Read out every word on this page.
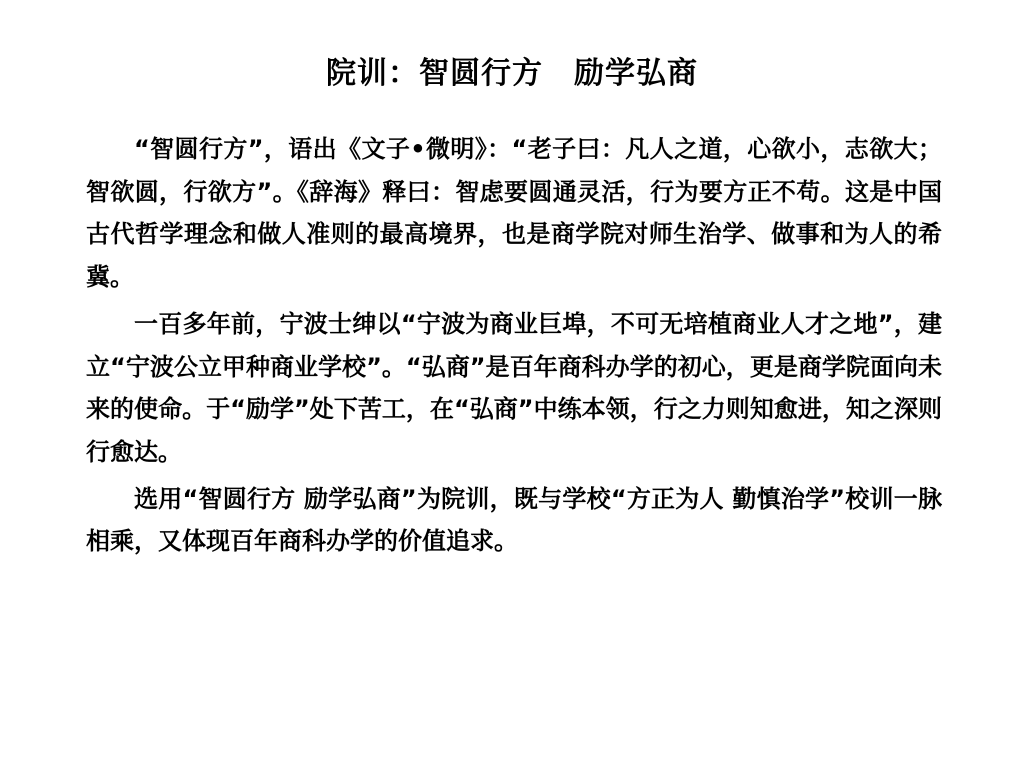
院训：智圆行方　励学弘商

“智圆行方”，语出《文子•微明》：“老子曰：凡人之道，心欲小，志欲大；智欲圆，行欲方”。《辞海》释曰：智虑要圆通灵活，行为要方正不苟。这是中国古代哲学理念和做人准则的最高境界，也是商学院对师生治学、做事和为人的希冀。

一百多年前，宁波士绅以“宁波为商业巨埠，不可无培植商业人才之地”，建立“宁波公立甲种商业学校”。“弘商”是百年商科办学的初心，更是商学院面向未来的使命。于“励学”处下苦工，在“弘商”中练本领，行之力则知愈进，知之深则行愈达。

选用“智圆行方 励学弘商”为院训，既与学校“方正为人 勤慎治学”校训一脉相乘，又体现百年商科办学的价值追求。
